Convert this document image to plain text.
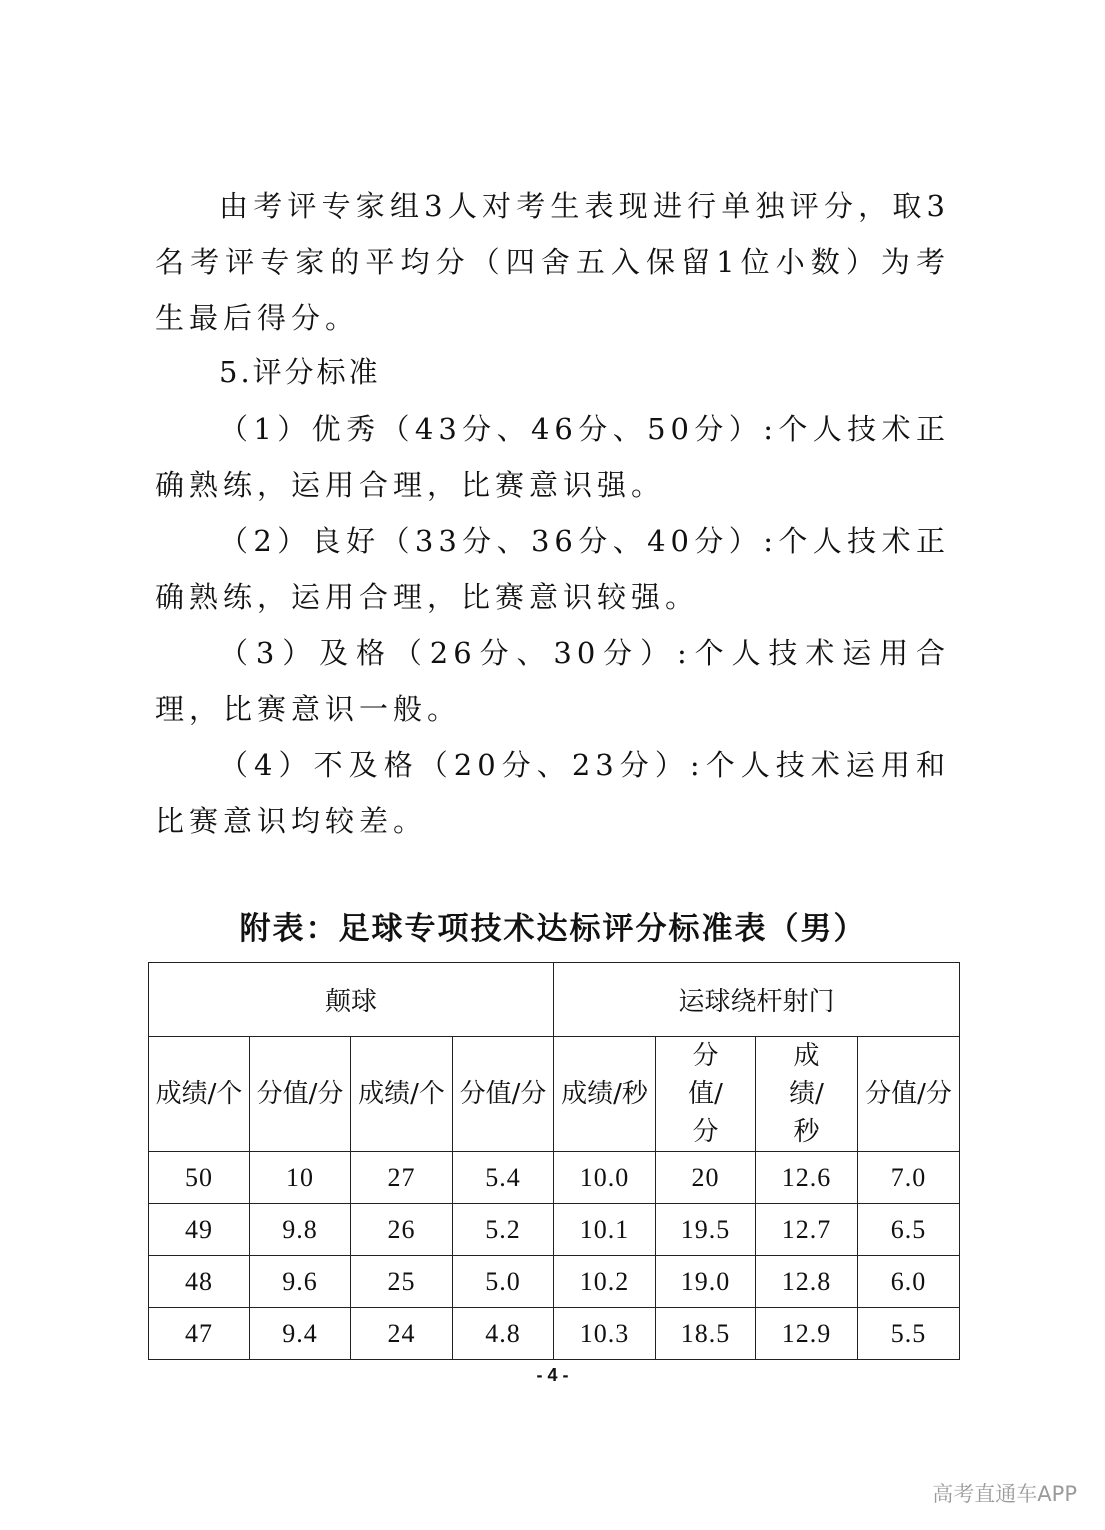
由考评专家组3人对考生表现进行单独评分，取3名考评专家的平均分（四舍五入保留1位小数）为考生最后得分。

5.评分标准

（1）优秀（43分、46分、50分）:个人技术正确熟练，运用合理，比赛意识强。

（2）良好（33分、36分、40分）:个人技术正确熟练，运用合理，比赛意识较强。

（3）及格（26分、30分）:个人技术运用合理，比赛意识一般。

（4）不及格（20分、23分）:个人技术运用和比赛意识均较差。

附表：足球专项技术达标评分标准表（男）

颠球				运球绕杆射门			
成绩/个	分值/分	成绩/个	分值/分	成绩/秒	分值/分	成绩/秒	分值/分
50	10	27	5.4	10.0	20	12.6	7.0
49	9.8	26	5.2	10.1	19.5	12.7	6.5
48	9.6	25	5.0	10.2	19.0	12.8	6.0
47	9.4	24	4.8	10.3	18.5	12.9	5.5

- 4 -

高考直通车APP
